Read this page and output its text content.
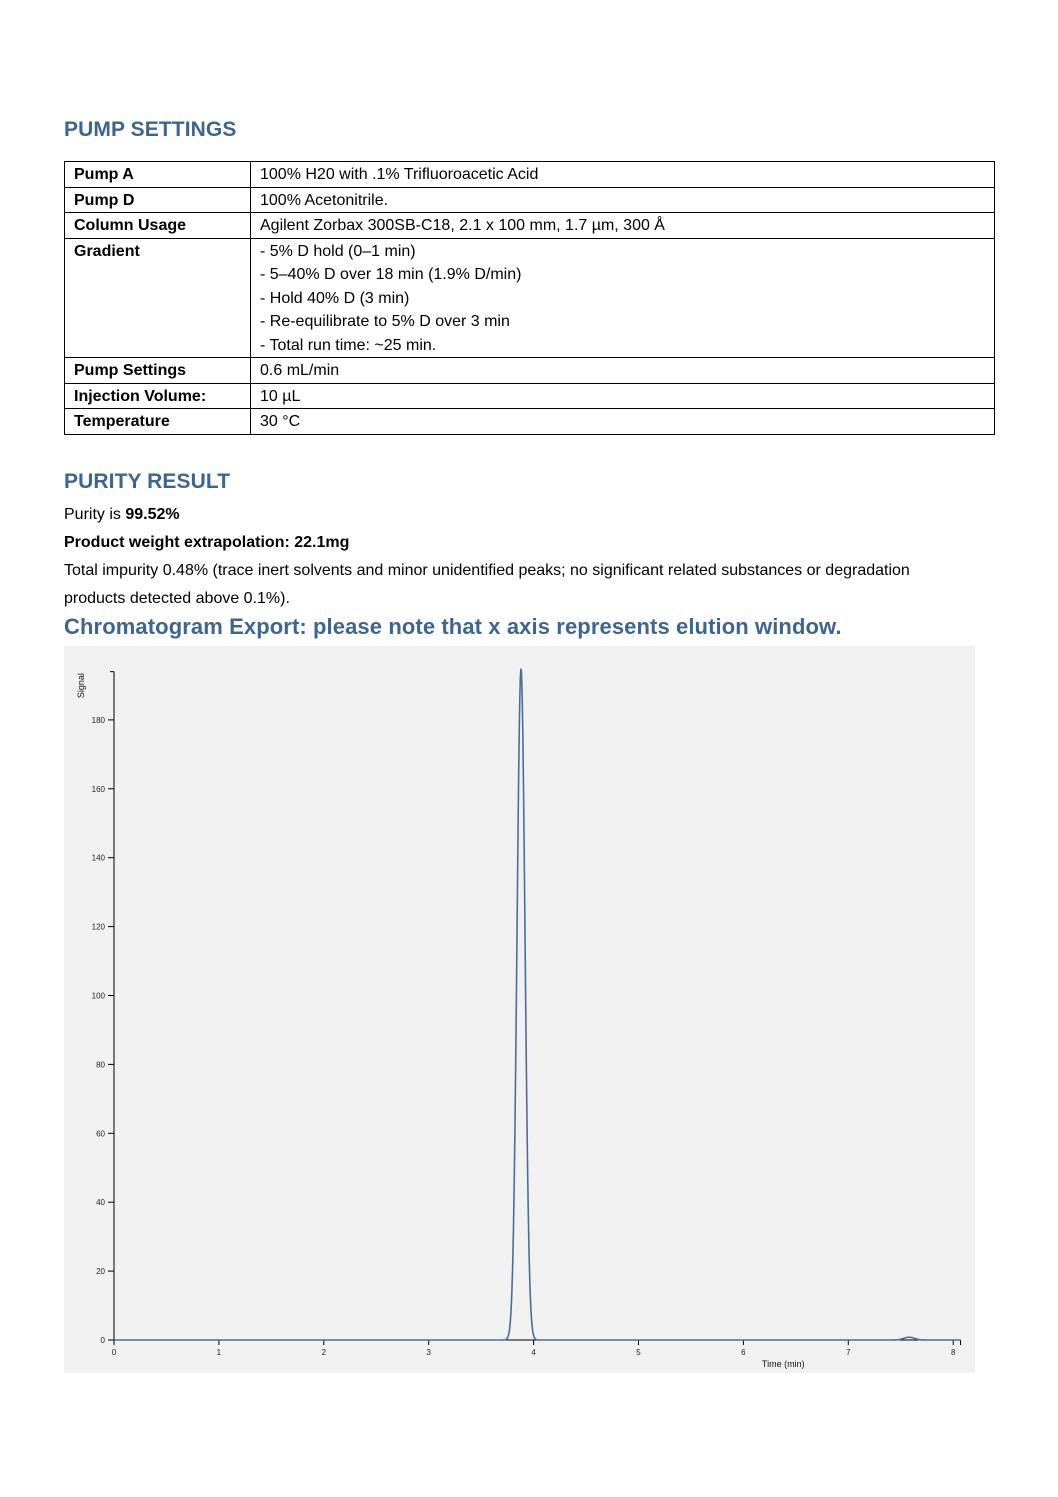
PUMP SETTINGS
Pump A	100% H20 with .1% Trifluoroacetic Acid

Pump D	100% Acetonitrile.

Column Usage	Agilent Zorbax 300SB-C18, 2.1 x 100 mm, 1.7 µm, 300 Å

Gradient	- 5% D hold (0–1 min)
- 5–40% D over 18 min (1.9% D/min)
- Hold 40% D (3 min)
- Re-equilibrate to 5% D over 3 min
- Total run time: ~25 min.

Pump Settings	0.6 mL/min

Injection Volume:	10 µL

Temperature	30 °C
PURITY RESULT
Purity is 99.52%
Product weight extrapolation: 22.1mg
Total impurity 0.48% (trace inert solvents and minor unidentified peaks; no significant related substances or degradation products detected above 0.1%).
Chromatogram Export: please note that x axis represents elution window.
0
20
40
60
80
100
120
140
160
180
0	1	2	3	4	5	6	7	8
Signal
Time (min)
